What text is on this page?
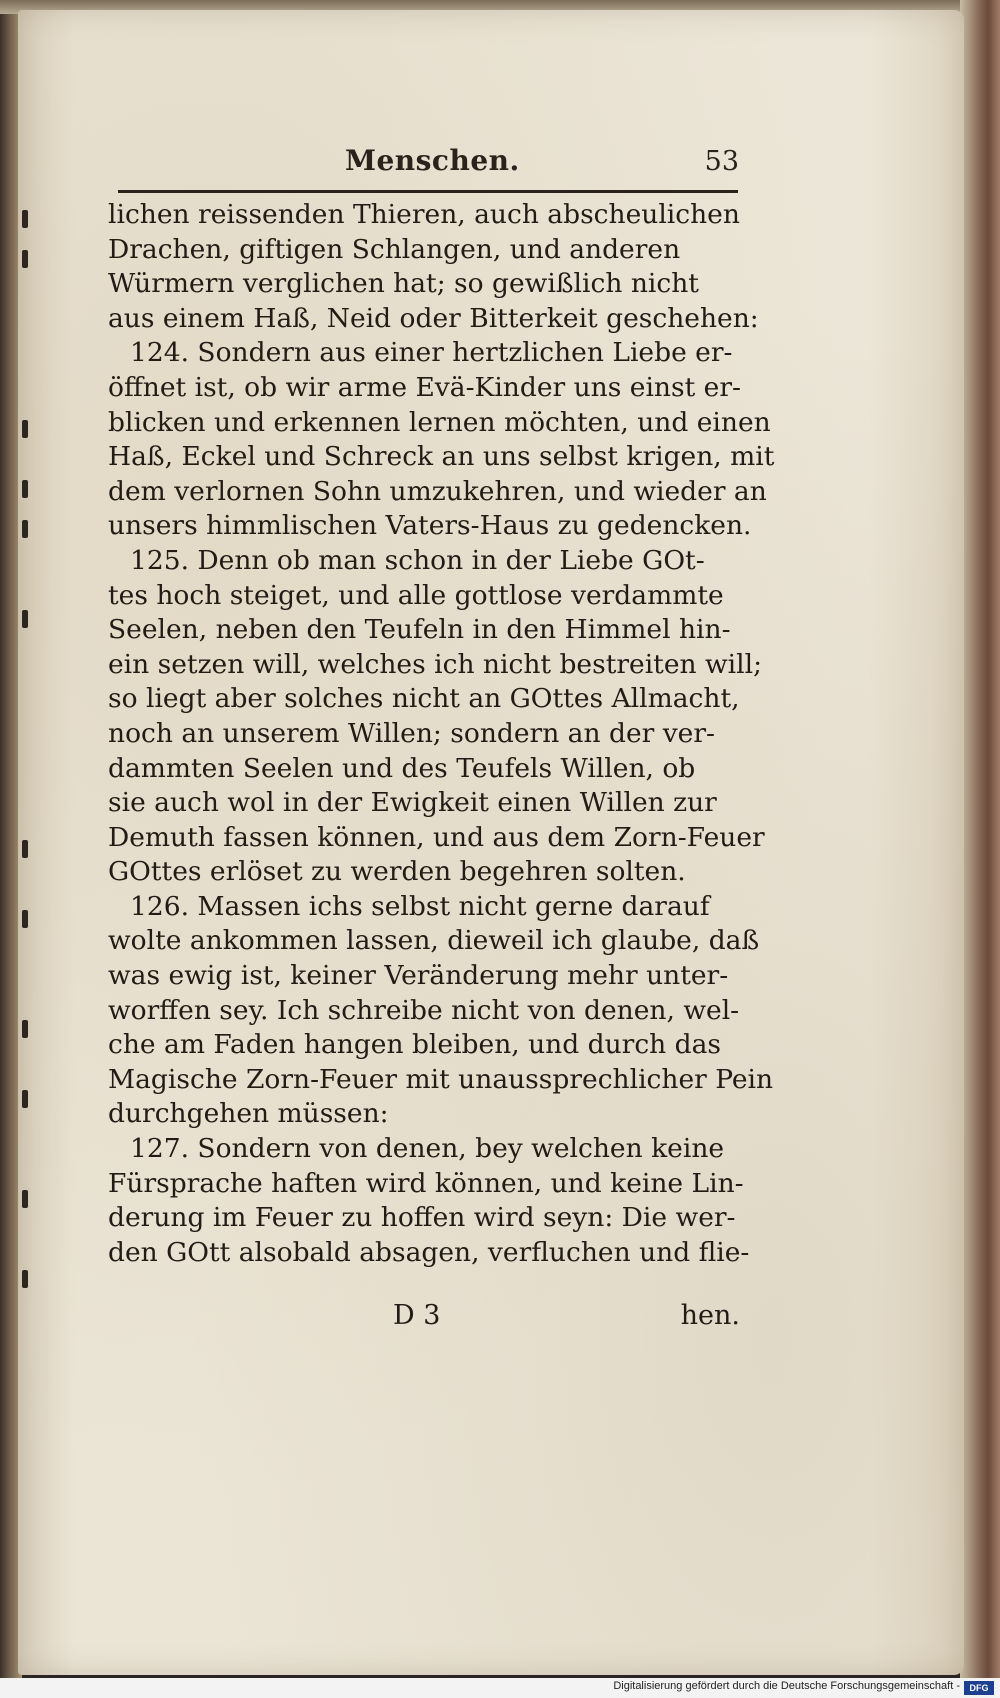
Menschen.	53
lichen reissenden Thieren, auch abscheulichen
Drachen, giftigen Schlangen, und anderen
Würmern verglichen hat; so gewißlich nicht
aus einem Haß, Neid oder Bitterkeit geschehen:
124. Sondern aus einer hertzlichen Liebe er-
öffnet ist, ob wir arme Evä-Kinder uns einst er-
blicken und erkennen lernen möchten, und einen
Haß, Eckel und Schreck an uns selbst krigen, mit
dem verlornen Sohn umzukehren, und wieder an
unsers himmlischen Vaters-Haus zu gedencken.
125. Denn ob man schon in der Liebe GOt-
tes hoch steiget, und alle gottlose verdammte
Seelen, neben den Teufeln in den Himmel hin-
ein setzen will, welches ich nicht bestreiten will;
so liegt aber solches nicht an GOttes Allmacht,
noch an unserem Willen; sondern an der ver-
dammten Seelen und des Teufels Willen, ob
sie auch wol in der Ewigkeit einen Willen zur
Demuth fassen können, und aus dem Zorn-Feuer
GOttes erlöset zu werden begehren solten.
126. Massen ichs selbst nicht gerne darauf
wolte ankommen lassen, dieweil ich glaube, daß
was ewig ist, keiner Veränderung mehr unter-
worffen sey. Ich schreibe nicht von denen, wel-
che am Faden hangen bleiben, und durch das
Magische Zorn-Feuer mit unaussprechlicher Pein
durchgehen müssen:
127. Sondern von denen, bey welchen keine
Fürsprache haften wird können, und keine Lin-
derung im Feuer zu hoffen wird seyn: Die wer-
den GOtt alsobald absagen, verfluchen und flie-
D 3	hen.
Digitalisierung gefördert durch die Deutsche Forschungsgemeinschaft -	DFG
